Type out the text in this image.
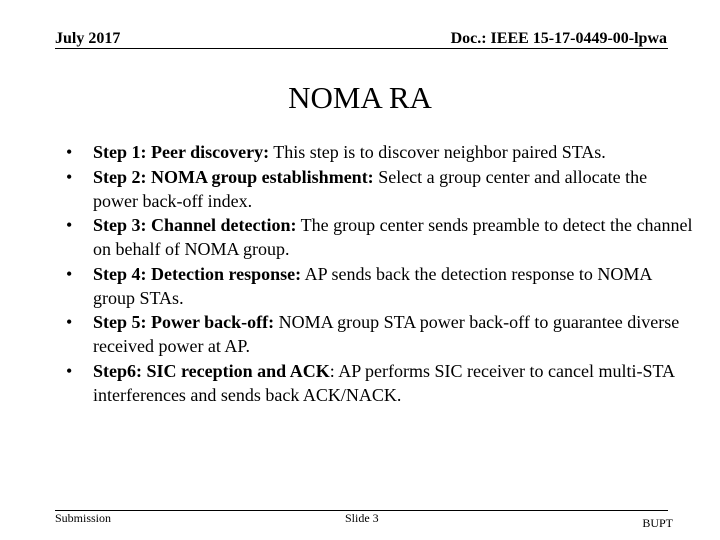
July 2017	Doc.: IEEE 15-17-0449-00-lpwa
NOMA RA
• Step 1: Peer discovery: This step is to discover neighbor paired STAs.
• Step 2: NOMA group establishment: Select a group center and allocate the power back-off index.
• Step 3: Channel detection: The group center sends preamble to detect the channel on behalf of NOMA group.
• Step 4: Detection response: AP sends back the detection response to NOMA group STAs.
• Step 5: Power back-off: NOMA group STA power back-off to guarantee diverse received power at AP.
• Step6: SIC reception and ACK: AP performs SIC receiver to cancel multi-STA interferences and sends back ACK/NACK.
Submission	Slide 3	BUPT
